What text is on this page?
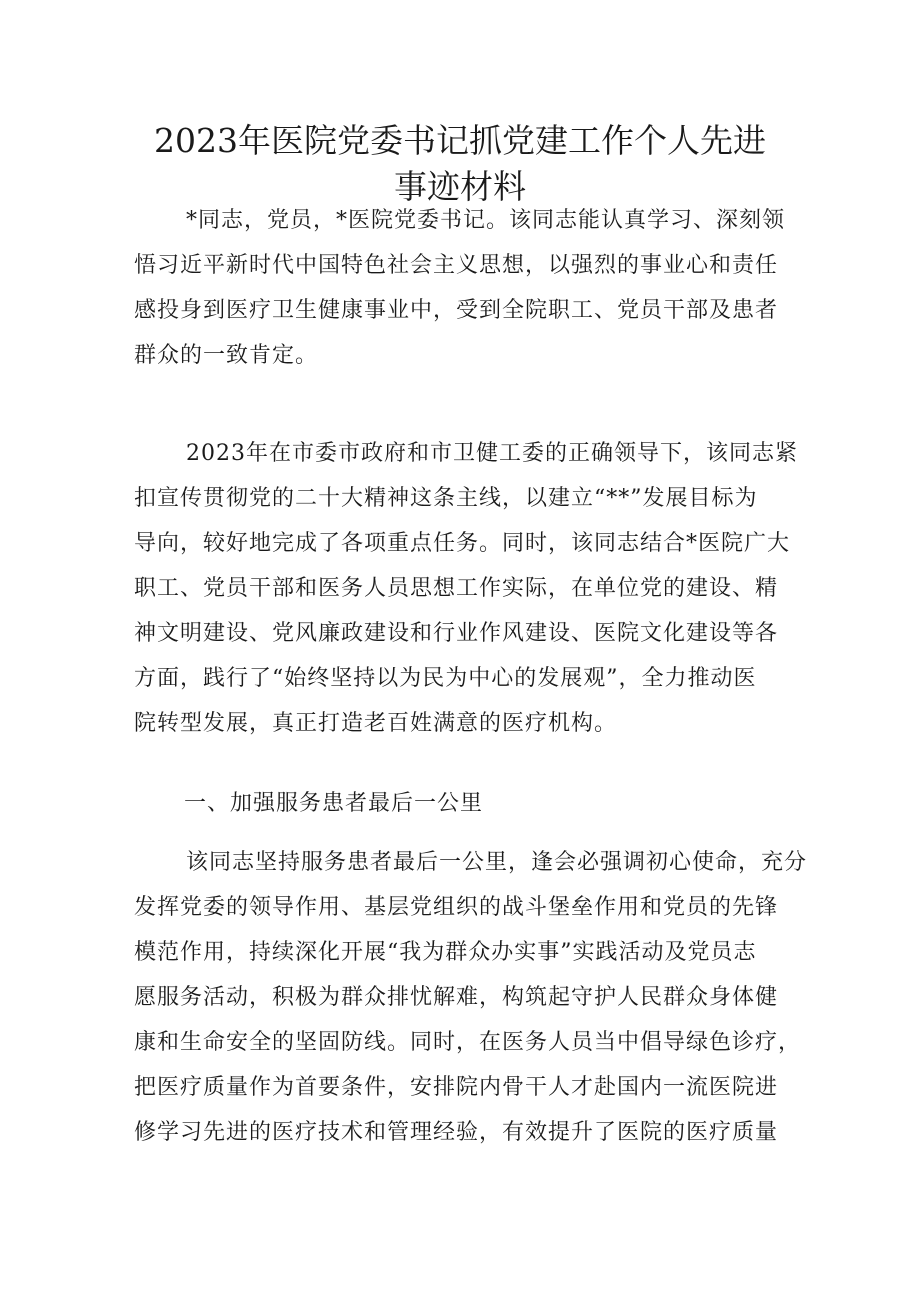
2023年医院党委书记抓党建工作个人先进
事迹材料
*同志，党员，*医院党委书记。该同志能认真学习、深刻领
悟习近平新时代中国特色社会主义思想，以强烈的事业心和责任
感投身到医疗卫生健康事业中，受到全院职工、党员干部及患者
群众的一致肯定。
2023年在市委市政府和市卫健工委的正确领导下，该同志紧
扣宣传贯彻党的二十大精神这条主线，以建立“**”发展目标为
导向，较好地完成了各项重点任务。同时，该同志结合*医院广大
职工、党员干部和医务人员思想工作实际，在单位党的建设、精
神文明建设、党风廉政建设和行业作风建设、医院文化建设等各
方面，践行了“始终坚持以为民为中心的发展观”，全力推动医
院转型发展，真正打造老百姓满意的医疗机构。
一、加强服务患者最后一公里
该同志坚持服务患者最后一公里，逢会必强调初心使命，充分
发挥党委的领导作用、基层党组织的战斗堡垒作用和党员的先锋
模范作用，持续深化开展“我为群众办实事”实践活动及党员志
愿服务活动，积极为群众排忧解难，构筑起守护人民群众身体健
康和生命安全的坚固防线。同时，在医务人员当中倡导绿色诊疗，
把医疗质量作为首要条件，安排院内骨干人才赴国内一流医院进
修学习先进的医疗技术和管理经验，有效提升了医院的医疗质量
